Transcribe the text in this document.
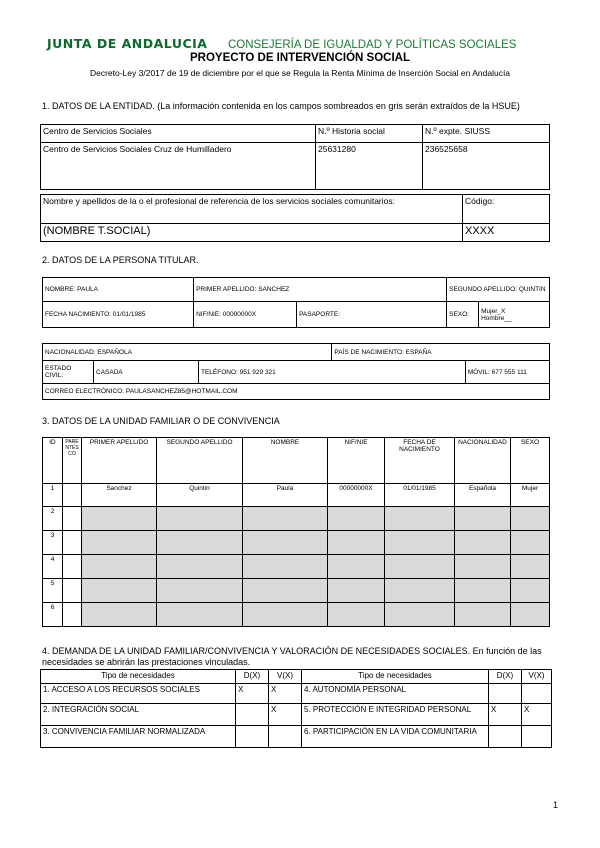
JUNTA DE ANDALUCIA CONSEJERÍA DE IGUALDAD Y POLÍTICAS SOCIALES
PROYECTO DE INTERVENCIÓN SOCIAL
Decreto-Ley 3/2017 de 19 de diciembre por el que se Regula la Renta Mínima de Inserción Social en Andalucía
1. DATOS DE LA ENTIDAD. (La información contenida en los campos sombreados en gris serán extraídos de la HSUE)
Centro de Servicios Sociales	N.º Historia social	N.º expte. SIUSS
Centro de Servicios Sociales Cruz de Humilladero	25631280	236525658
Nombre y apellidos de la o el profesional de referencia de los servicios sociales comunitarios:	Código:
(NOMBRE T.SOCIAL)	XXXX
2. DATOS DE LA PERSONA TITULAR.
NOMBRE: PAULA	PRIMER APELLIDO: SANCHEZ		SEGUNDO APELLIDO: QUINTIN	
FECHA NACIMIENTO: 01/01/1985	NIF/NIE: 00000000X	PASAPORTE:	SEXO:	Mujer_X
Hombre__
NACIONALIDAD: ESPAÑOLA			PAÍS DE NACIMIENTO: ESPAÑA	
ESTADO CIVIL:	CASADA	TELÉFONO: 951 929 321		MÓVIL: 677 555 111
CORREO ELECTRÓNICO: PAULASANCHEZ85@HOTMAIL.COM				
3. DATOS DE LA UNIDAD FAMILIAR O DE CONVIVENCIA
ID	PARENTESCO	PRIMER APELLIDO	SEGUNDO APELLIDO	NOMBRE	NIF/NIE	FECHA DE NACIMIENTO	NACIONALIDAD	SEXO
1		Sanchez	Quintin	Paula	00000000X	01/01/1985	Española	Mujer
2								
3								
4								
5								
6								
4. DEMANDA DE LA UNIDAD FAMILIAR/CONVIVENCIA Y VALORACIÓN DE NECESIDADES SOCIALES. En función de las necesidades se abrirán las prestaciones vinculadas.
Tipo de necesidades	D(X)	V(X)	Tipo de necesidades	D(X)	V(X)
1. ACCESO A LOS RECURSOS SOCIALES	X	X	4. AUTONOMÍA PERSONAL		
2. INTEGRACIÓN SOCIAL		X	5. PROTECCIÓN E INTEGRIDAD PERSONAL	X	X
3. CONVIVENCIA FAMILIAR NORMALIZADA			6. PARTICIPACIÓN EN LA VIDA COMUNITARIA		
1
